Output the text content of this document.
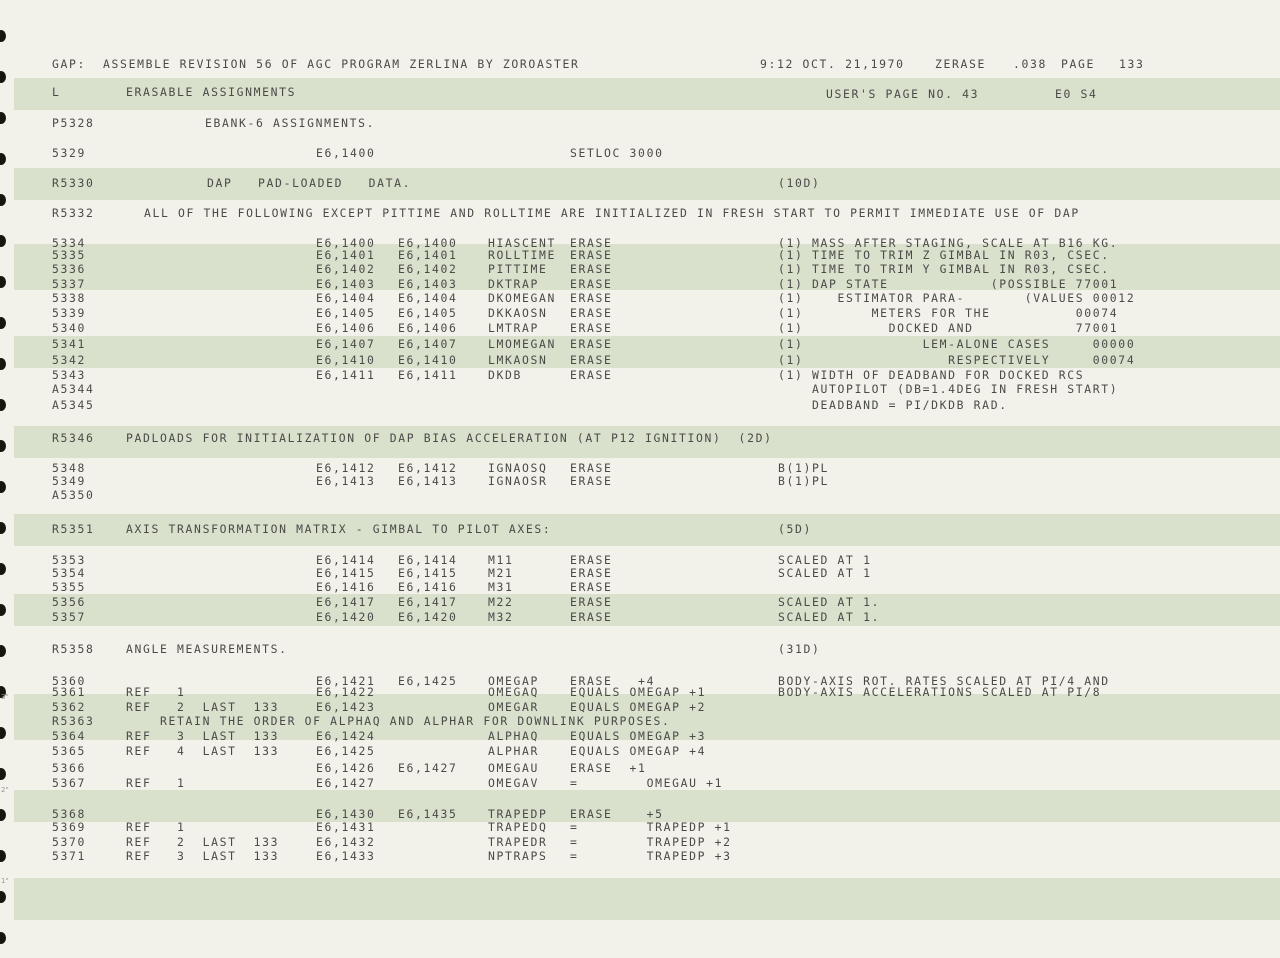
3"
2"
1"
GAP:  ASSEMBLE REVISION 56 OF AGC PROGRAM ZERLINA BY ZOROASTER	9:12 OCT. 21,1970	ZERASE .038 PAGE 133
L	ERASABLE ASSIGNMENTS	USER'S PAGE NO. 43	E0 S4
P5328	EBANK-6 ASSIGNMENTS.
5329	E6,1400	SETLOC 3000
R5330	DAP   PAD-LOADED   DATA.	(10D)
R5332	ALL OF THE FOLLOWING EXCEPT PITTIME AND ROLLTIME ARE INITIALIZED IN FRESH START TO PERMIT IMMEDIATE USE OF DAP
5334	E6,1400 E6,1400	HIASCENT ERASE	(1) MASS AFTER STAGING, SCALE AT B16 KG.
5335	E6,1401 E6,1401	ROLLTIME ERASE	(1) TIME TO TRIM Z GIMBAL IN R03, CSEC.
5336	E6,1402 E6,1402	PITTIME ERASE	(1) TIME TO TRIM Y GIMBAL IN R03, CSEC.
5337	E6,1403 E6,1403	DKTRAP	ERASE	(1) DAP STATE            (POSSIBLE 77001
5338	E6,1404 E6,1404	DKOMEGAN ERASE	(1)    ESTIMATOR PARA-       (VALUES 00012
5339	E6,1405 E6,1405	DKKAOSN ERASE	(1)        METERS FOR THE          00074
5340	E6,1406 E6,1406	LMTRAP	ERASE	(1)          DOCKED AND            77001
5341	E6,1407 E6,1407	LMOMEGAN ERASE	(1)              LEM-ALONE CASES     00000
5342	E6,1410 E6,1410	LMKAOSN ERASE	(1)                 RESPECTIVELY     00074
5343	E6,1411 E6,1411	DKDB	ERASE	(1) WIDTH OF DEADBAND FOR DOCKED RCS
A5344	AUTOPILOT (DB=1.4DEG IN FRESH START)
A5345	DEADBAND = PI/DKDB RAD.
R5346	PADLOADS FOR INITIALIZATION OF DAP BIAS ACCELERATION (AT P12 IGNITION)  (2D)
5348	E6,1412 E6,1412	IGNAOSQ ERASE	B(1)PL
5349	E6,1413 E6,1413	IGNAOSR ERASE	B(1)PL
A5350
R5351	AXIS TRANSFORMATION MATRIX - GIMBAL TO PILOT AXES:	(5D)
5353	E6,1414 E6,1414	M11	ERASE	SCALED AT 1
5354	E6,1415 E6,1415	M21	ERASE	SCALED AT 1
5355	E6,1416 E6,1416	M31	ERASE
5356	E6,1417 E6,1417	M22	ERASE	SCALED AT 1.
5357	E6,1420 E6,1420	M32	ERASE	SCALED AT 1.
R5358	ANGLE MEASUREMENTS.	(31D)
5360	E6,1421 E6,1425	OMEGAP	ERASE   +4	BODY-AXIS ROT. RATES SCALED AT PI/4 AND
5361	REF   1	E6,1422	OMEGAQ	EQUALS OMEGAP +1	BODY-AXIS ACCELERATIONS SCALED AT PI/8
5362	REF   2  LAST  133	E6,1423	OMEGAR	EQUALS OMEGAP +2
R5363	RETAIN THE ORDER OF ALPHAQ AND ALPHAR FOR DOWNLINK PURPOSES.
5364	REF   3  LAST  133	E6,1424	ALPHAQ	EQUALS OMEGAP +3
5365	REF   4  LAST  133	E6,1425	ALPHAR	EQUALS OMEGAP +4
5366	E6,1426 E6,1427	OMEGAU	ERASE  +1
5367	REF   1	E6,1427	OMEGAV	=        OMEGAU +1
5368	E6,1430 E6,1435	TRAPEDP ERASE    +5
5369	REF   1	E6,1431	TRAPEDQ =        TRAPEDP +1
5370	REF   2  LAST  133	E6,1432	TRAPEDR =        TRAPEDP +2
5371	REF   3  LAST  133	E6,1433	NPTRAPS =        TRAPEDP +3
